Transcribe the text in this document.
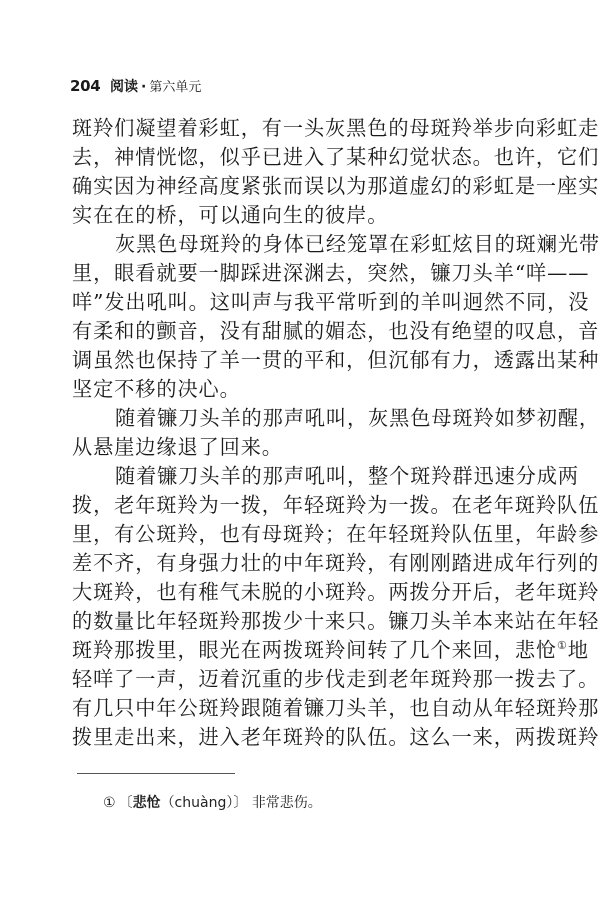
204 阅读 · 第六单元
斑羚们凝望着彩虹，有一头灰黑色的母斑羚举步向彩虹走
去，神情恍惚，似乎已进入了某种幻觉状态。也许，它们
确实因为神经高度紧张而误以为那道虚幻的彩虹是一座实
实在在的桥，可以通向生的彼岸。
灰黑色母斑羚的身体已经笼罩在彩虹炫目的斑斓光带
里，眼看就要一脚踩进深渊去，突然，镰刀头羊“咩——
咩”发出吼叫。这叫声与我平常听到的羊叫迥然不同，没
有柔和的颤音，没有甜腻的媚态，也没有绝望的叹息，音
调虽然也保持了羊一贯的平和，但沉郁有力，透露出某种
坚定不移的决心。
随着镰刀头羊的那声吼叫，灰黑色母斑羚如梦初醒，
从悬崖边缘退了回来。
随着镰刀头羊的那声吼叫，整个斑羚群迅速分成两
拨，老年斑羚为一拨，年轻斑羚为一拨。在老年斑羚队伍
里，有公斑羚，也有母斑羚；在年轻斑羚队伍里，年龄参
差不齐，有身强力壮的中年斑羚，有刚刚踏进成年行列的
大斑羚，也有稚气未脱的小斑羚。两拨分开后，老年斑羚
的数量比年轻斑羚那拨少十来只。镰刀头羊本来站在年轻
斑羚那拨里，眼光在两拨斑羚间转了几个来回，悲怆①地
轻咩了一声，迈着沉重的步伐走到老年斑羚那一拨去了。
有几只中年公斑羚跟随着镰刀头羊，也自动从年轻斑羚那
拨里走出来，进入老年斑羚的队伍。这么一来，两拨斑羚
① 〔悲怆（chuàng）〕 非常悲伤。
